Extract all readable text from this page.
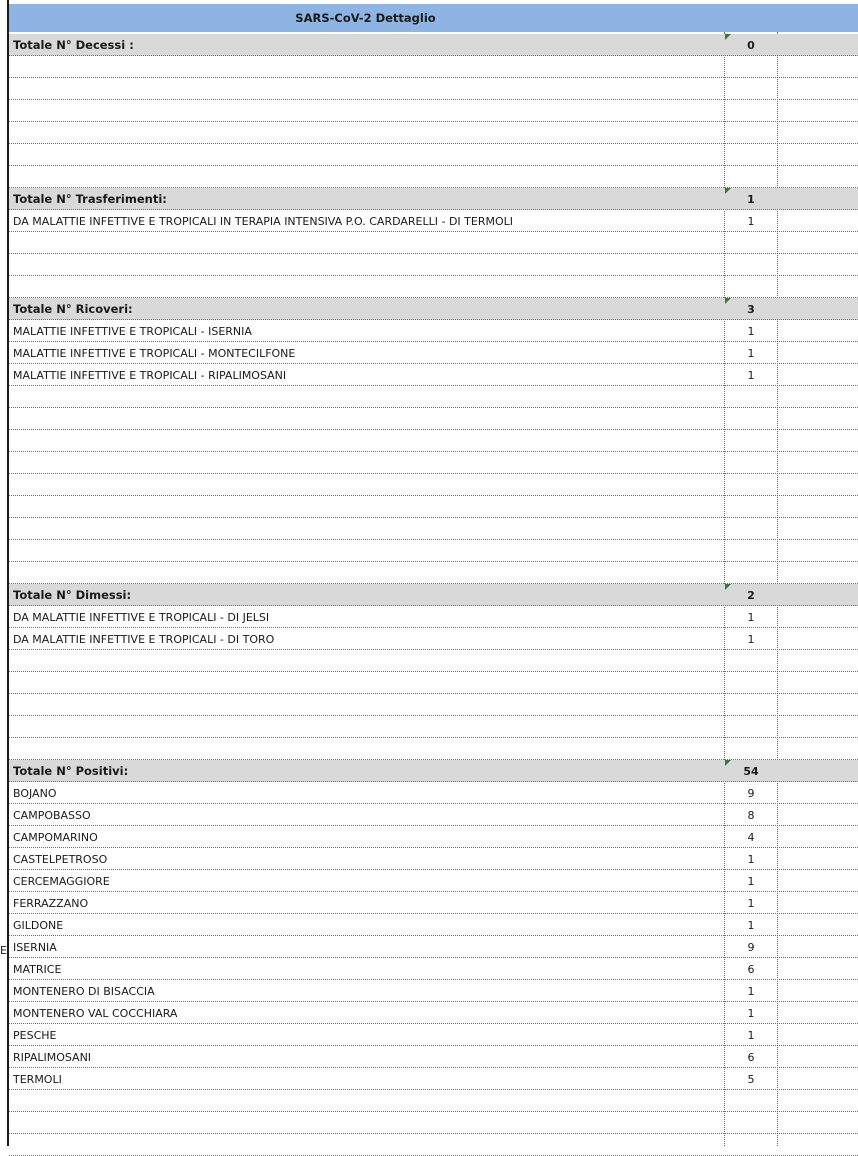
SARS-CoV-2 Dettaglio
Totale N° Decessi :	0
Totale N° Trasferimenti:	1
DA MALATTIE INFETTIVE E TROPICALI IN TERAPIA INTENSIVA P.O. CARDARELLI - DI TERMOLI	1
Totale N° Ricoveri:	3
MALATTIE INFETTIVE E TROPICALI - ISERNIA	1
MALATTIE INFETTIVE E TROPICALI - MONTECILFONE	1
MALATTIE INFETTIVE E TROPICALI - RIPALIMOSANI	1
Totale N° Dimessi:	2
DA MALATTIE INFETTIVE E TROPICALI - DI JELSI	1
DA MALATTIE INFETTIVE E TROPICALI - DI TORO	1
Totale N° Positivi:	54
BOJANO	9
CAMPOBASSO	8
CAMPOMARINO	4
CASTELPETROSO	1
CERCEMAGGIORE	1
FERRAZZANO	1
GILDONE	1
ISERNIA	9
MATRICE	6
MONTENERO DI BISACCIA	1
MONTENERO VAL COCCHIARA	1
PESCHE	1
RIPALIMOSANI	6
TERMOLI	5
E
